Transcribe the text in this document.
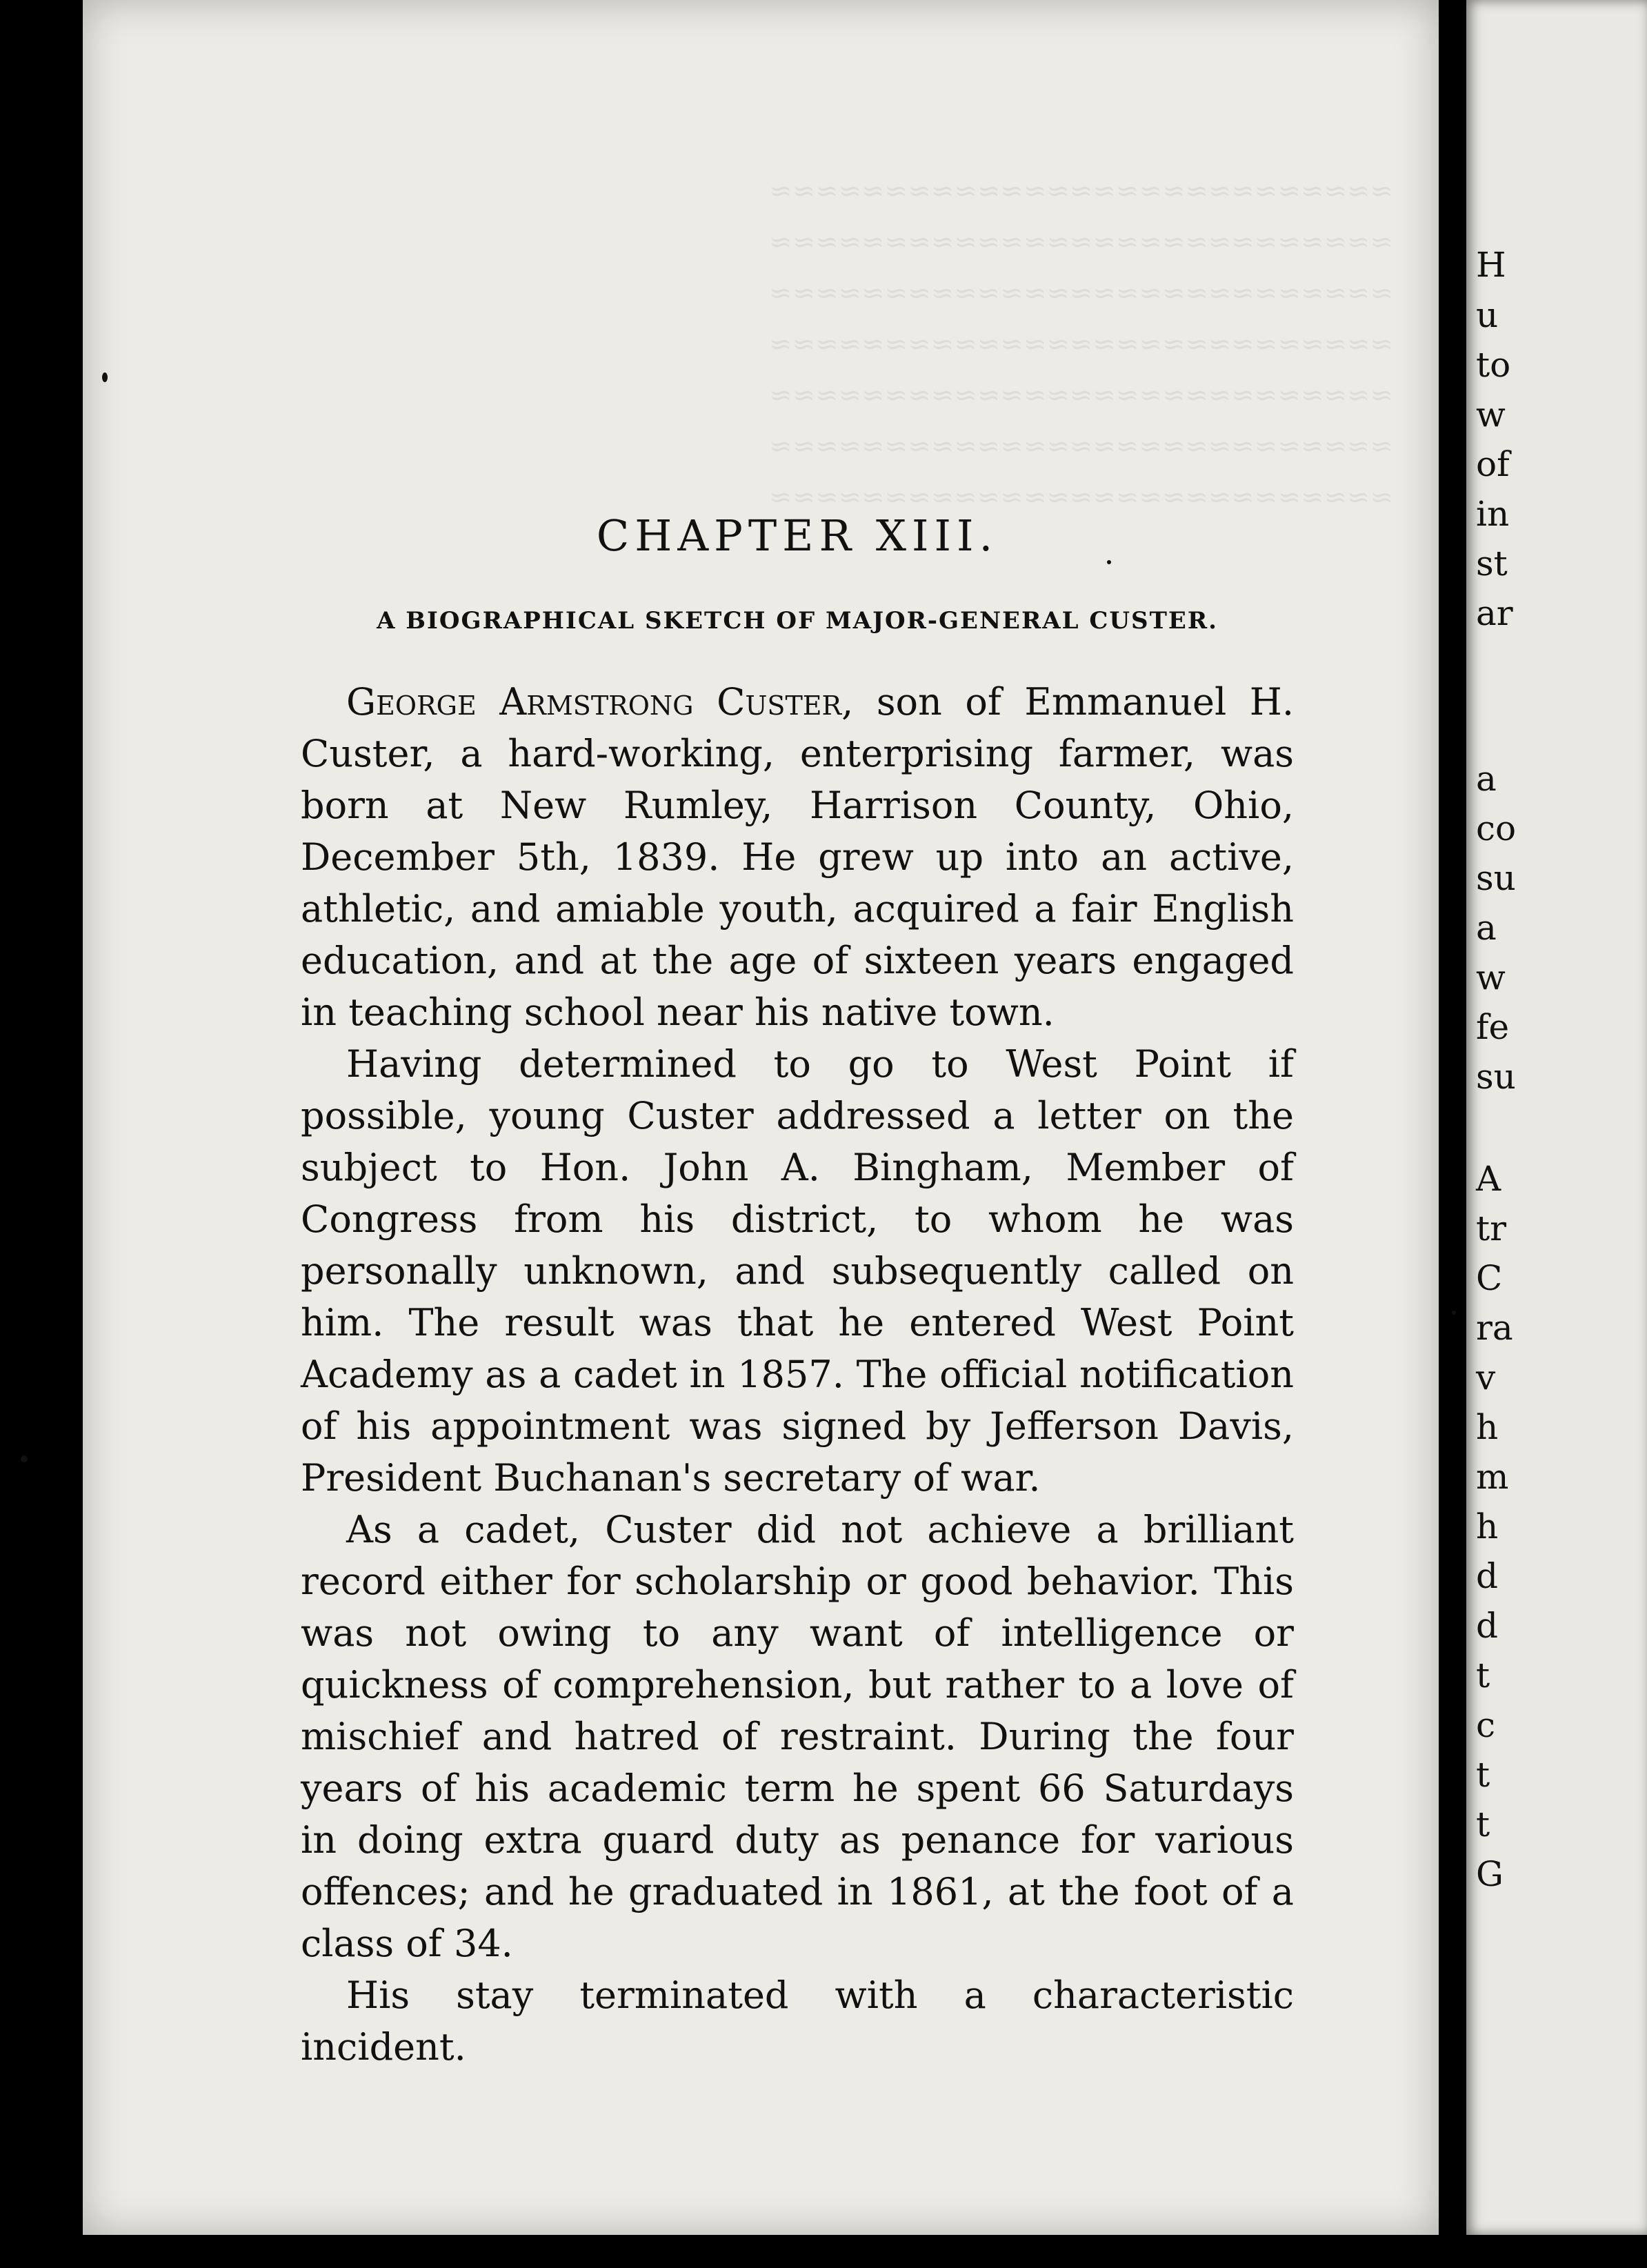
≈≈≈≈≈≈≈≈≈≈≈≈≈≈≈≈≈≈≈≈≈≈≈≈≈≈≈
≈≈≈≈≈≈≈≈≈≈≈≈≈≈≈≈≈≈≈≈≈≈≈≈≈≈≈
≈≈≈≈≈≈≈≈≈≈≈≈≈≈≈≈≈≈≈≈≈≈≈≈≈≈≈
≈≈≈≈≈≈≈≈≈≈≈≈≈≈≈≈≈≈≈≈≈≈≈≈≈≈≈
≈≈≈≈≈≈≈≈≈≈≈≈≈≈≈≈≈≈≈≈≈≈≈≈≈≈≈
≈≈≈≈≈≈≈≈≈≈≈≈≈≈≈≈≈≈≈≈≈≈≈≈≈≈≈
≈≈≈≈≈≈≈≈≈≈≈≈≈≈≈≈≈≈≈≈≈≈≈≈≈≈≈
CHAPTER XIII.
A BIOGRAPHICAL SKETCH OF MAJOR-GENERAL CUSTER.

George Armstrong Custer, son of Emmanuel H. Custer, a hard-working, enterprising farmer, was born at New Rumley, Harrison County, Ohio, December 5th, 1839. He grew up into an active, athletic, and amiable youth, acquired a fair English education, and at the age of sixteen years engaged in teaching school near his native town.

Having determined to go to West Point if possible, young Custer addressed a letter on the subject to Hon. John A. Bingham, Member of Congress from his district, to whom he was personally unknown, and subsequently called on him. The result was that he entered West Point Academy as a cadet in 1857. The official notification of his appointment was signed by Jefferson Davis, President Buchanan's secretary of war.

As a cadet, Custer did not achieve a brilliant record either for scholarship or good behavior. This was not owing to any want of intelligence or quickness of comprehension, but rather to a love of mischief and hatred of restraint. During the four years of his academic term he spent 66 Saturdays in doing extra guard duty as penance for various offences; and he graduated in 1861, at the foot of a class of 34.

His stay terminated with a characteristic incident.

H
u
to
w
of
in
st
ar
a
co
su
a
w
fe
su
A
tr
C
ra
v
h
m
h
d
d
t
c
t
t
G
